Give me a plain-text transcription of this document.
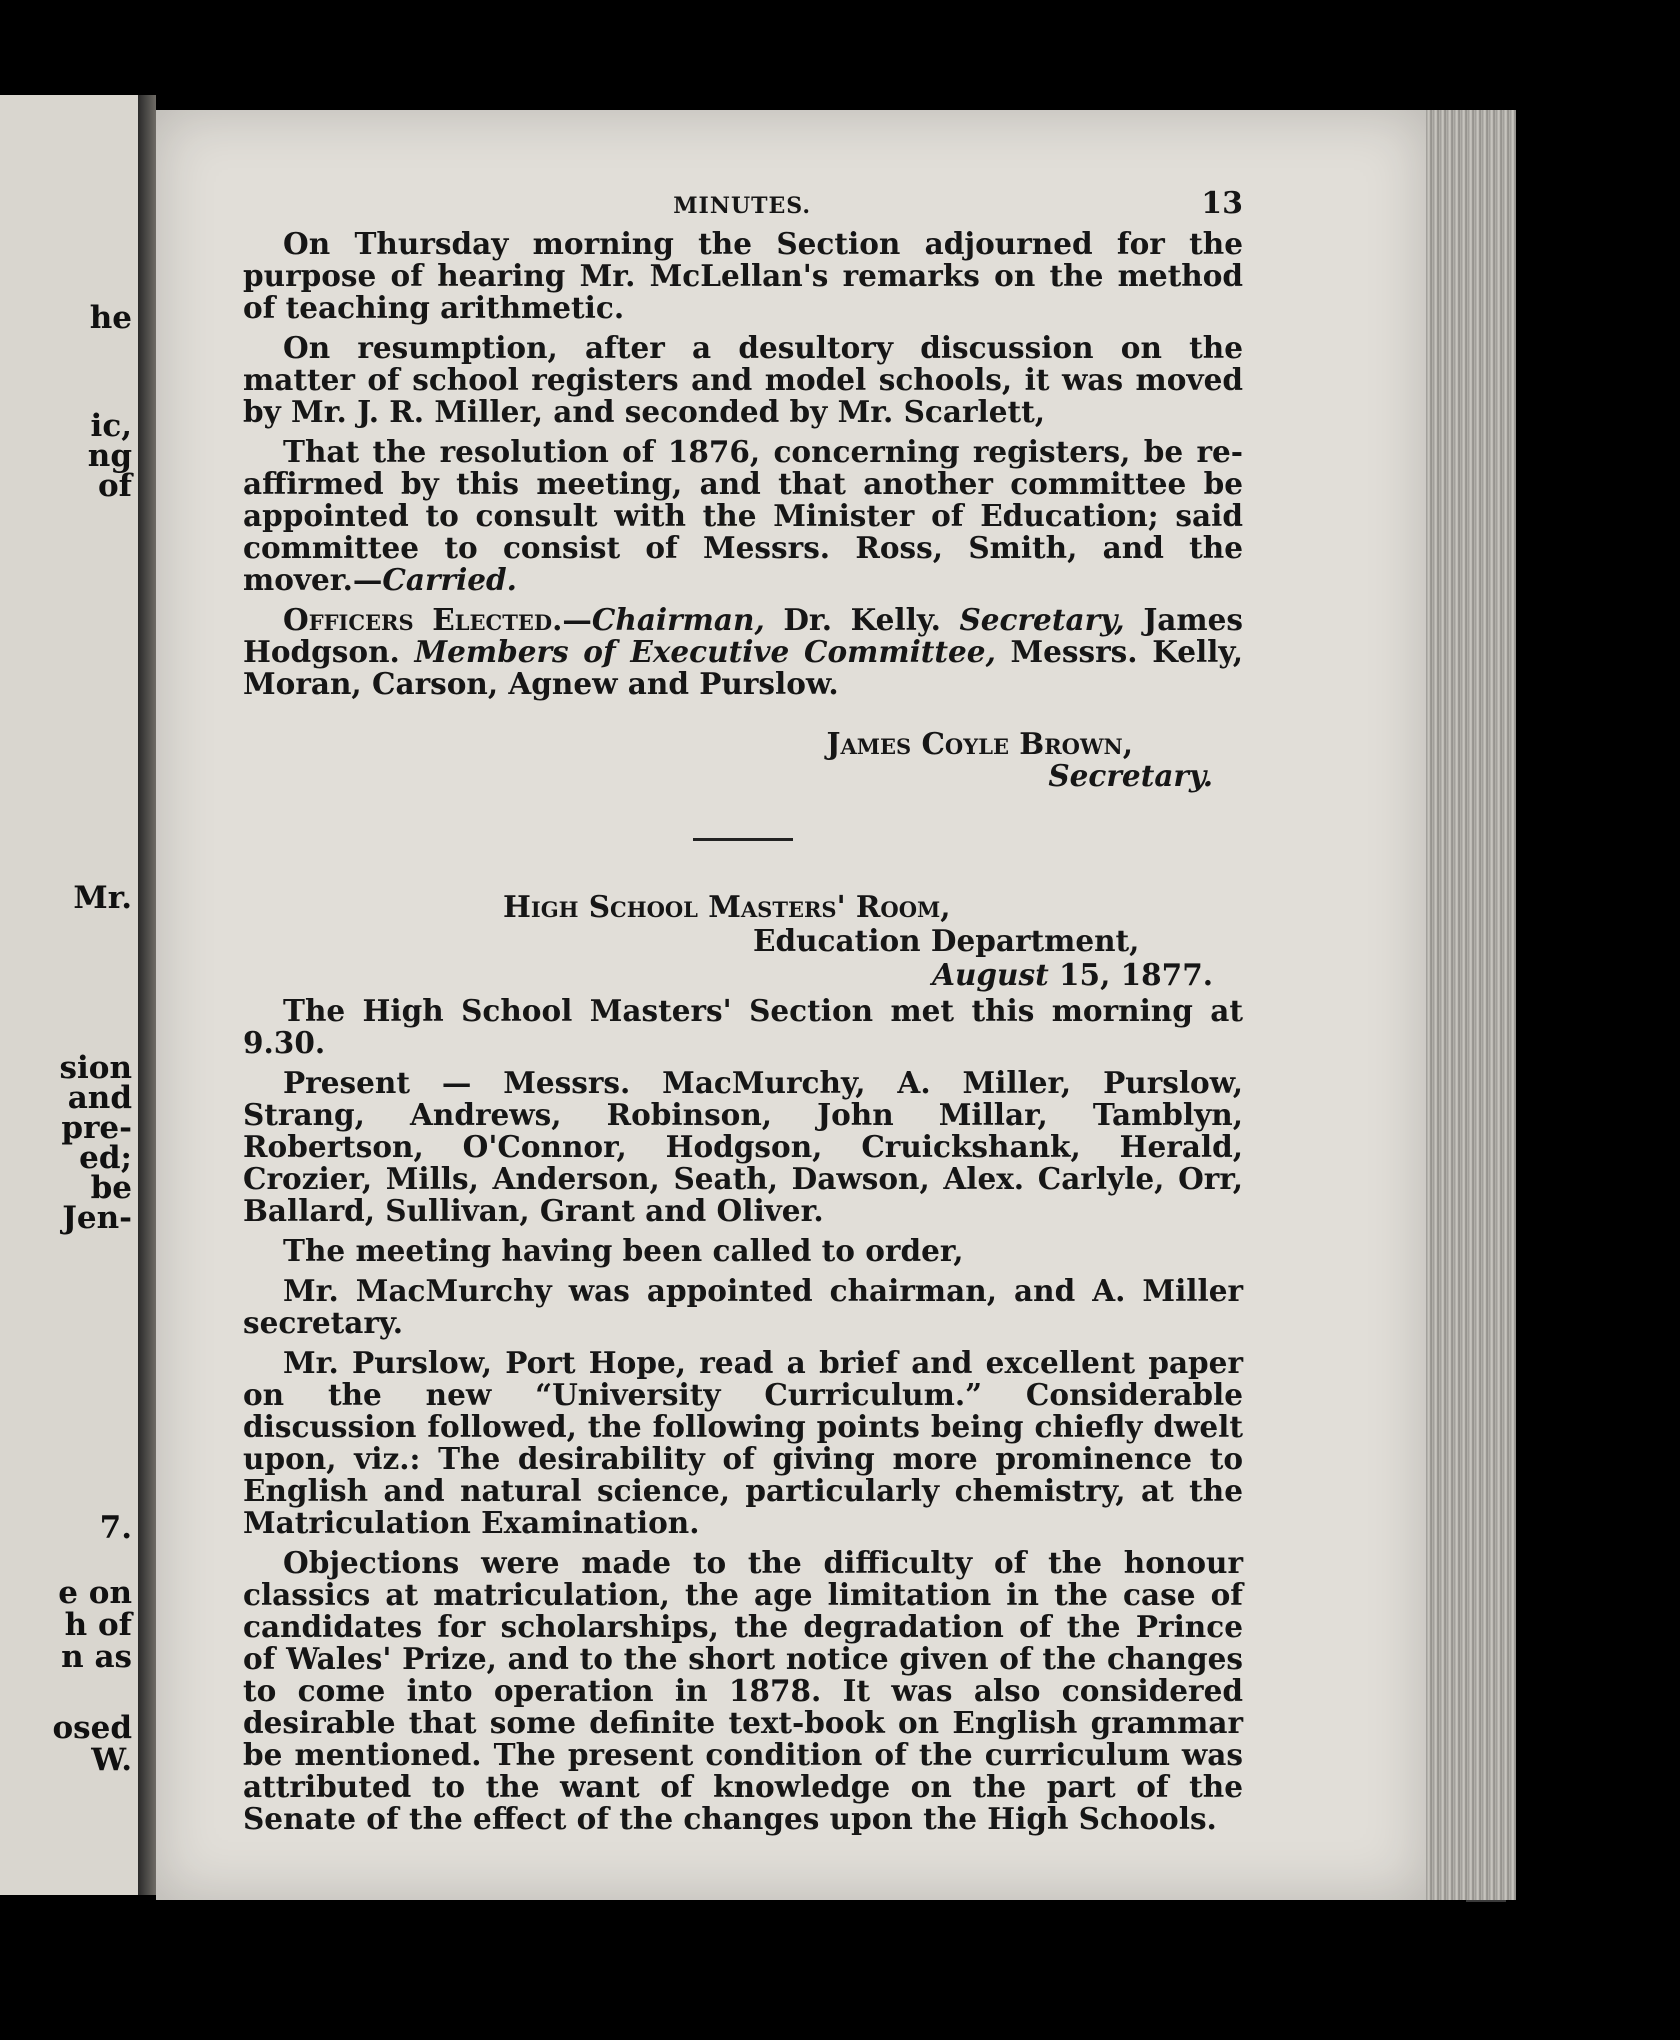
he
ic,
ng
of
Mr.
sion
and
pre-
ed;
be
Jen-
7.
e on
h of
n as
osed
W.
MINUTES.	13

On Thursday morning the Section adjourned for the purpose of hearing Mr. McLellan's remarks on the method of teaching arithmetic.

On resumption, after a desultory discussion on the matter of school registers and model schools, it was moved by Mr. J. R. Miller, and seconded by Mr. Scarlett,

That the resolution of 1876, concerning registers, be re-affirmed by this meeting, and that another committee be appointed to consult with the Minister of Education; said committee to consist of Messrs. Ross, Smith, and the mover.—Carried.

Officers Elected.—Chairman, Dr. Kelly. Secretary, James Hodgson. Members of Executive Committee, Messrs. Kelly, Moran, Carson, Agnew and Purslow.

James Coyle Brown,
Secretary.
High School Masters' Room,
Education Department,
August 15, 1877.

The High School Masters' Section met this morning at 9.30.

Present — Messrs. MacMurchy, A. Miller, Purslow, Strang, Andrews, Robinson, John Millar, Tamblyn, Robertson, O'Connor, Hodgson, Cruickshank, Herald, Crozier, Mills, Anderson, Seath, Dawson, Alex. Carlyle, Orr, Ballard, Sullivan, Grant and Oliver.

The meeting having been called to order,

Mr. MacMurchy was appointed chairman, and A. Miller secretary.

Mr. Purslow, Port Hope, read a brief and excellent paper on the new “University Curriculum.” Considerable discussion followed, the following points being chiefly dwelt upon, viz.: The desirability of giving more prominence to English and natural science, particularly chemistry, at the Matriculation Examination.

Objections were made to the difficulty of the honour classics at matriculation, the age limitation in the case of candidates for scholarships, the degradation of the Prince of Wales' Prize, and to the short notice given of the changes to come into operation in 1878. It was also considered desirable that some definite text-book on English grammar be mentioned. The present condition of the curriculum was attributed to the want of knowledge on the part of the Senate of the effect of the changes upon the High Schools.
